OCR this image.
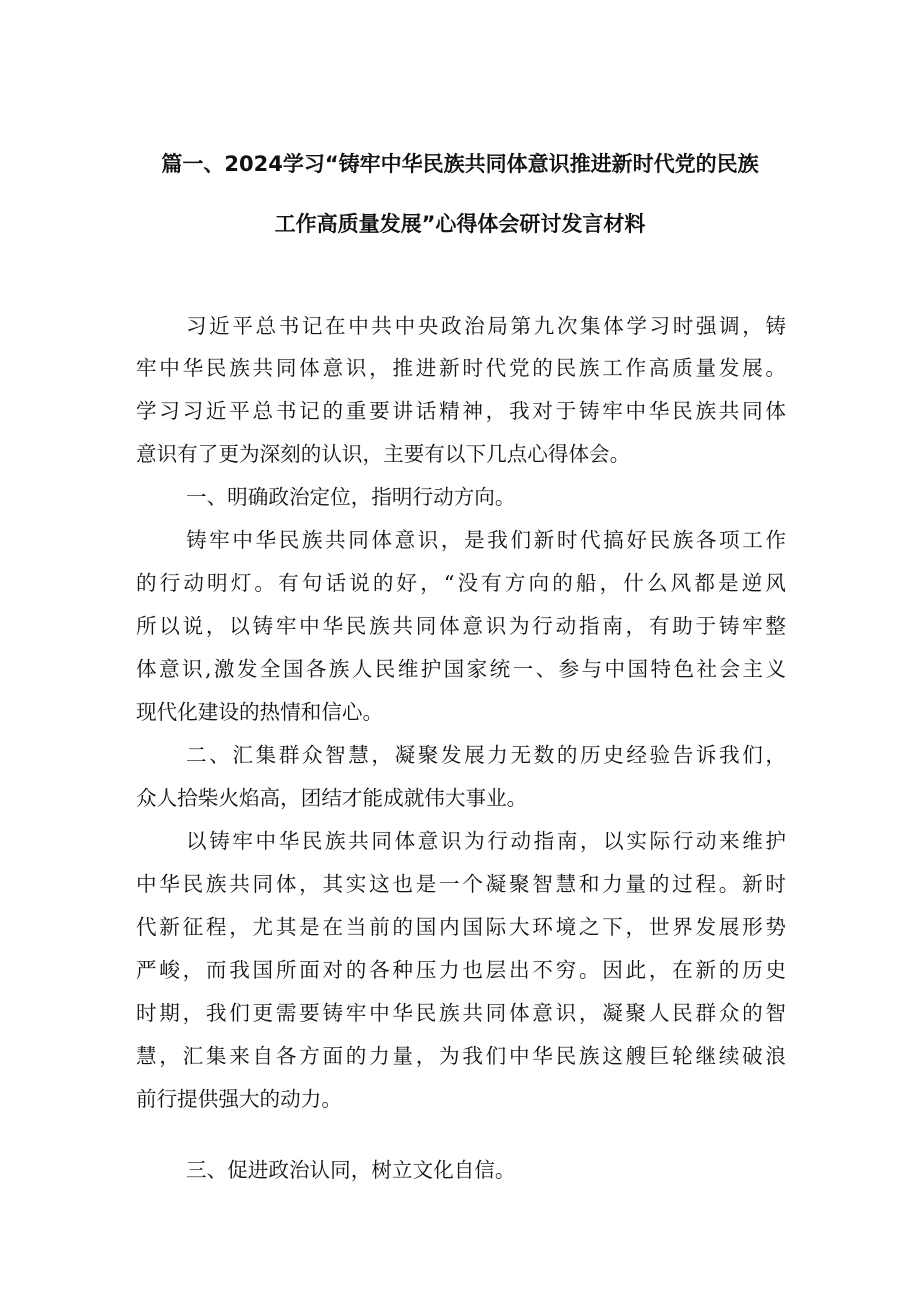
篇一、2024学习“铸牢中华民族共同体意识推进新时代党的民族
工作高质量发展”心得体会研讨发言材料
习近平总书记在中共中央政治局第九次集体学习时强调，铸
牢中华民族共同体意识，推进新时代党的民族工作高质量发展。
学习习近平总书记的重要讲话精神，我对于铸牢中华民族共同体
意识有了更为深刻的认识，主要有以下几点心得体会。
一、明确政治定位，指明行动方向。
铸牢中华民族共同体意识，是我们新时代搞好民族各项工作
的行动明灯。有句话说的好，“没有方向的船，什么风都是逆风
所以说，以铸牢中华民族共同体意识为行动指南，有助于铸牢整
体意识,激发全国各族人民维护国家统一、参与中国特色社会主义
现代化建设的热情和信心。
二、汇集群众智慧，凝聚发展力无数的历史经验告诉我们，
众人拾柴火焰高，团结才能成就伟大事业。
以铸牢中华民族共同体意识为行动指南，以实际行动来维护
中华民族共同体，其实这也是一个凝聚智慧和力量的过程。新时
代新征程，尤其是在当前的国内国际大环境之下，世界发展形势
严峻，而我国所面对的各种压力也层出不穷。因此，在新的历史
时期，我们更需要铸牢中华民族共同体意识，凝聚人民群众的智
慧，汇集来自各方面的力量，为我们中华民族这艘巨轮继续破浪
前行提供强大的动力。
三、促进政治认同，树立文化自信。
